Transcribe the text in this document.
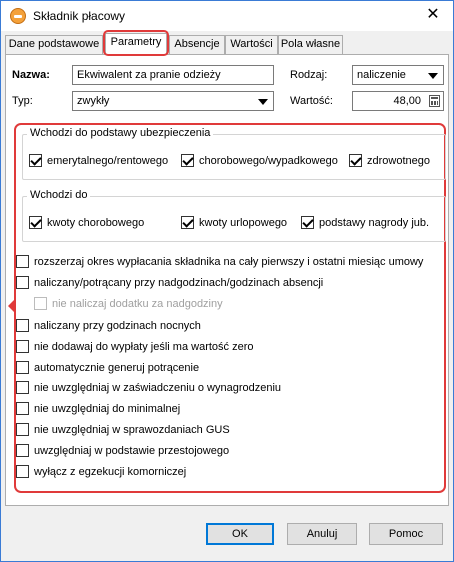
Składnik płacowy	✕
Dane podstawowe	Parametry	Absencje Wartości Pola własne
Nazwa:	Ekwiwalent za pranie odzieży	Rodzaj:	naliczenie
Typ:	zwykły	Wartość:	48,00
Wchodzi do podstawy ubezpieczenia
emerytalnego/rentowego	chorobowego/wypadkowego	zdrowotnego
Wchodzi do
kwoty chorobowego	kwoty urlopowego	podstawy nagrody jub.
rozszerzaj okres wypłacania składnika na cały pierwszy i ostatni miesiąc umowy
naliczany/potrącany przy nadgodzinach/godzinach absencji
nie naliczaj dodatku za nadgodziny
naliczany przy godzinach nocnych
nie dodawaj do wypłaty jeśli ma wartość zero
automatycznie generuj potrącenie
nie uwzględniaj w zaświadczeniu o wynagrodzeniu
nie uwzględniaj do minimalnej
nie uwzględniaj w sprawozdaniach GUS
uwzględniaj w podstawie przestojowego
wyłącz z egzekucji komorniczej
OK	Anuluj	Pomoc
